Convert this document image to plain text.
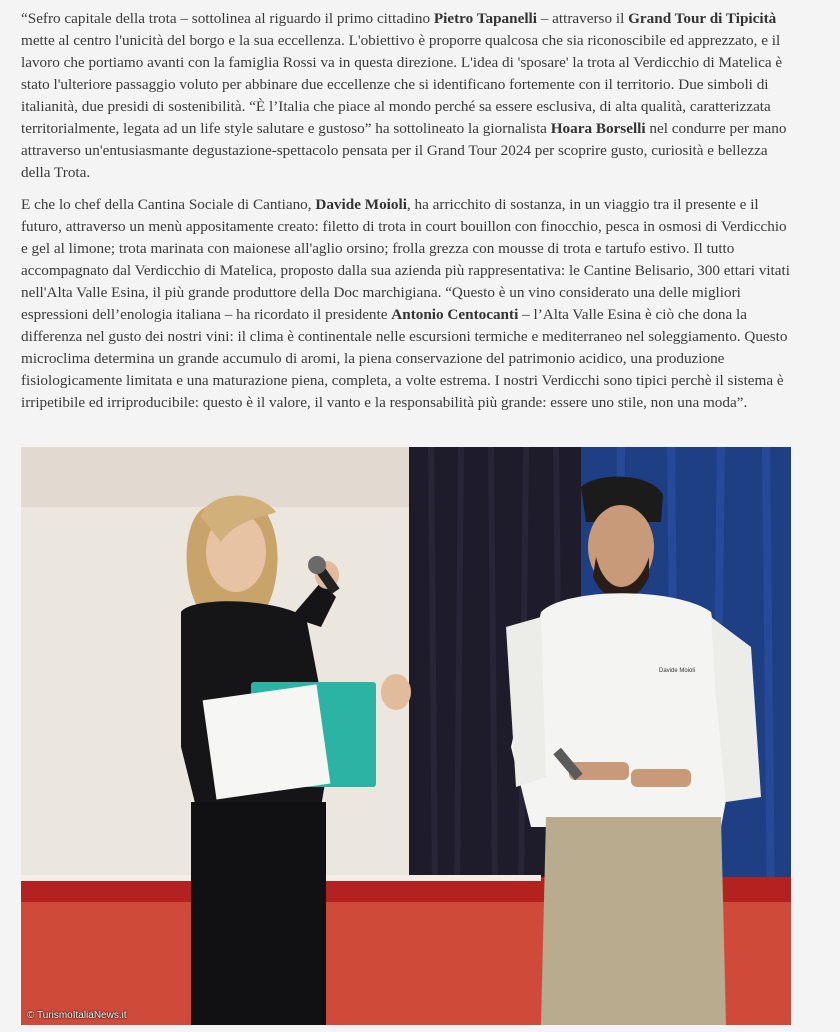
“Sefro capitale della trota – sottolinea al riguardo il primo cittadino Pietro Tapanelli – attraverso il Grand Tour di Tipicità mette al centro l'unicità del borgo e la sua eccellenza. L'obiettivo è proporre qualcosa che sia riconoscibile ed apprezzato, e il lavoro che portiamo avanti con la famiglia Rossi va in questa direzione. L'idea di 'sposare' la trota al Verdicchio di Matelica è stato l'ulteriore passaggio voluto per abbinare due eccellenze che si identificano fortemente con il territorio. Due simboli di italianità, due presidi di sostenibilità. “È l’Italia che piace al mondo perché sa essere esclusiva, di alta qualità, caratterizzata territorialmente, legata ad un life style salutare e gustoso” ha sottolineato la giornalista Hoara Borselli nel condurre per mano attraverso un'entusiasmante degustazione-spettacolo pensata per il Grand Tour 2024 per scoprire gusto, curiosità e bellezza della Trota.

E che lo chef della Cantina Sociale di Cantiano, Davide Moioli, ha arricchito di sostanza, in un viaggio tra il presente e il futuro, attraverso un menù appositamente creato: filetto di trota in court bouillon con finocchio, pesca in osmosi di Verdicchio e gel al limone; trota marinata con maionese all'aglio orsino; frolla grezza con mousse di trota e tartufo estivo. Il tutto accompagnato dal Verdicchio di Matelica, proposto dalla sua azienda più rappresentativa: le Cantine Belisario, 300 ettari vitati nell'Alta Valle Esina, il più grande produttore della Doc marchigiana. “Questo è un vino considerato una delle migliori espressioni dell’enologia italiana – ha ricordato il presidente Antonio Centocanti – l’Alta Valle Esina è ciò che dona la differenza nel gusto dei nostri vini: il clima è continentale nelle escursioni termiche e mediterraneo nel soleggiamento. Questo microclima determina un grande accumulo di aromi, la piena conservazione del patrimonio acidico, una produzione fisiologicamente limitata e una maturazione piena, completa, a volte estrema. I nostri Verdicchi sono tipici perchè il sistema è irripetibile ed irriproducibile: questo è il valore, il vanto e la responsabilità più grande: essere uno stile, non una moda”.

Davide Moioli
© TurismoItaliaNews.it
